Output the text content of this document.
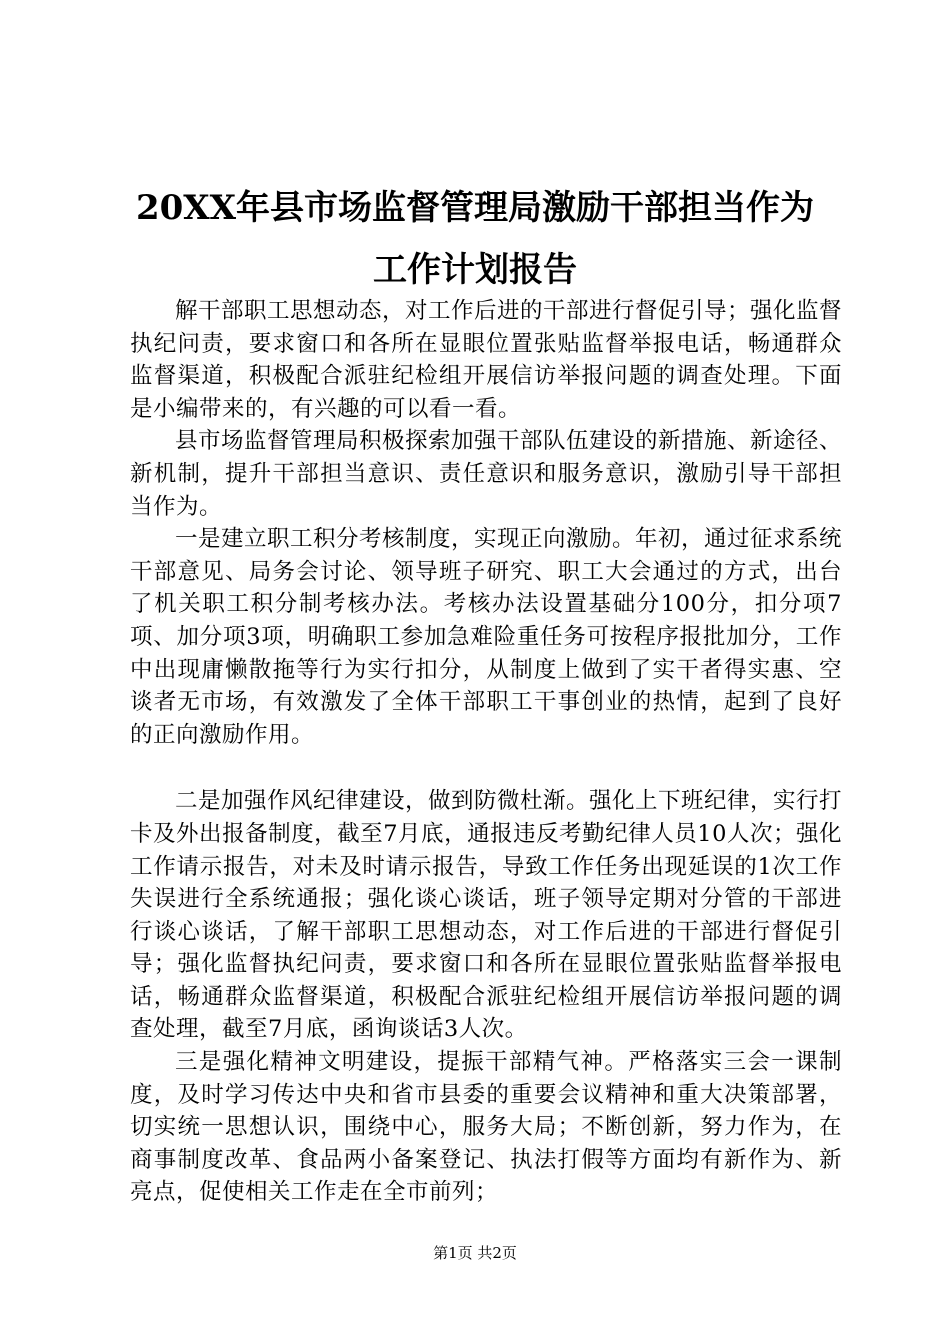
20XX年县市场监督管理局激励干部担当作为
工作计划报告

解干部职工思想动态，对工作后进的干部进行督促引导；强化监督执纪问责，要求窗口和各所在显眼位置张贴监督举报电话，畅通群众监督渠道，积极配合派驻纪检组开展信访举报问题的调查处理。下面是小编带来的，有兴趣的可以看一看。

县市场监督管理局积极探索加强干部队伍建设的新措施、新途径、新机制，提升干部担当意识、责任意识和服务意识，激励引导干部担当作为。

一是建立职工积分考核制度，实现正向激励。年初，通过征求系统干部意见、局务会讨论、领导班子研究、职工大会通过的方式，出台了机关职工积分制考核办法。考核办法设置基础分100分，扣分项7项、加分项3项，明确职工参加急难险重任务可按程序报批加分，工作中出现庸懒散拖等行为实行扣分，从制度上做到了实干者得实惠、空谈者无市场，有效激发了全体干部职工干事创业的热情，起到了良好的正向激励作用。

二是加强作风纪律建设，做到防微杜渐。强化上下班纪律，实行打卡及外出报备制度，截至7月底，通报违反考勤纪律人员10人次；强化工作请示报告，对未及时请示报告，导致工作任务出现延误的1次工作失误进行全系统通报；强化谈心谈话，班子领导定期对分管的干部进行谈心谈话，了解干部职工思想动态，对工作后进的干部进行督促引导；强化监督执纪问责，要求窗口和各所在显眼位置张贴监督举报电话，畅通群众监督渠道，积极配合派驻纪检组开展信访举报问题的调查处理，截至7月底，函询谈话3人次。

三是强化精神文明建设，提振干部精气神。严格落实三会一课制度，及时学习传达中央和省市县委的重要会议精神和重大决策部署，切实统一思想认识，围绕中心，服务大局；不断创新，努力作为，在商事制度改革、食品两小备案登记、执法打假等方面均有新作为、新亮点，促使相关工作走在全市前列；

第1页 共2页
